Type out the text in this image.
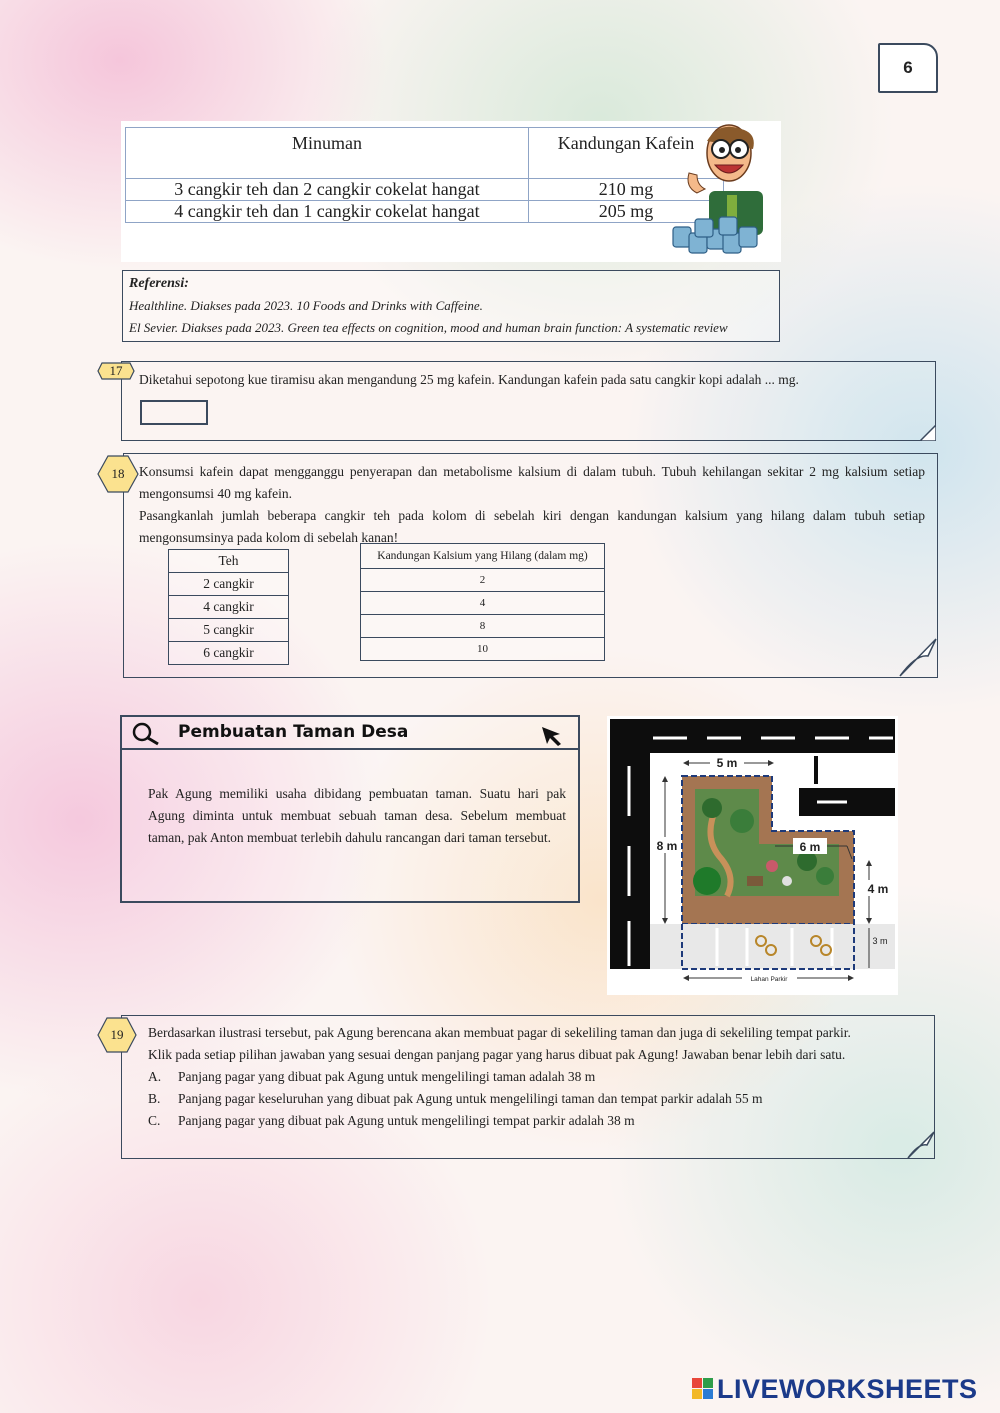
6
Minuman	Kandungan Kafein
3 cangkir teh dan 2 cangkir cokelat hangat	210 mg
4 cangkir teh dan 1 cangkir cokelat hangat	205 mg
Referensi:
Healthline. Diakses pada 2023. 10 Foods and Drinks with Caffeine.
El Sevier. Diakses pada 2023. Green tea effects on cognition, mood and human brain function: A systematic review
17
Diketahui sepotong kue tiramisu akan mengandung 25 mg kafein. Kandungan kafein pada satu cangkir kopi adalah ... mg.
18	Konsumsi kafein dapat mengganggu penyerapan dan metabolisme kalsium di dalam tubuh. Tubuh kehilangan sekitar 2 mg kalsium setiap mengonsumsi 40 mg kafein.
Pasangkanlah jumlah beberapa cangkir teh pada kolom di sebelah kiri dengan kandungan kalsium yang hilang dalam tubuh setiap mengonsumsinya pada kolom di sebelah kanan!
Teh
2 cangkir
4 cangkir
5 cangkir
6 cangkir
Kandungan Kalsium yang Hilang (dalam mg)
2
4
8
10
Pembuatan Taman Desa
Pak Agung memiliki usaha dibidang pembuatan taman. Suatu hari pak Agung diminta untuk membuat sebuah taman desa. Sebelum membuat taman, pak Anton membuat terlebih dahulu rancangan dari taman tersebut.
5 m
6 m
8 m
4 m
3 m
Lahan Parkir
19	Berdasarkan ilustrasi tersebut, pak Agung berencana akan membuat pagar di sekeliling taman dan juga di sekeliling tempat parkir.
Klik pada setiap pilihan jawaban yang sesuai dengan panjang pagar yang harus dibuat pak Agung! Jawaban benar lebih dari satu.
A.	Panjang pagar yang dibuat pak Agung untuk mengelilingi taman adalah 38 m
B.	Panjang pagar keseluruhan yang dibuat pak Agung untuk mengelilingi taman dan tempat parkir adalah 55 m
C.	Panjang pagar yang dibuat pak Agung untuk mengelilingi tempat parkir adalah 38 m
LIVEWORKSHEETS
